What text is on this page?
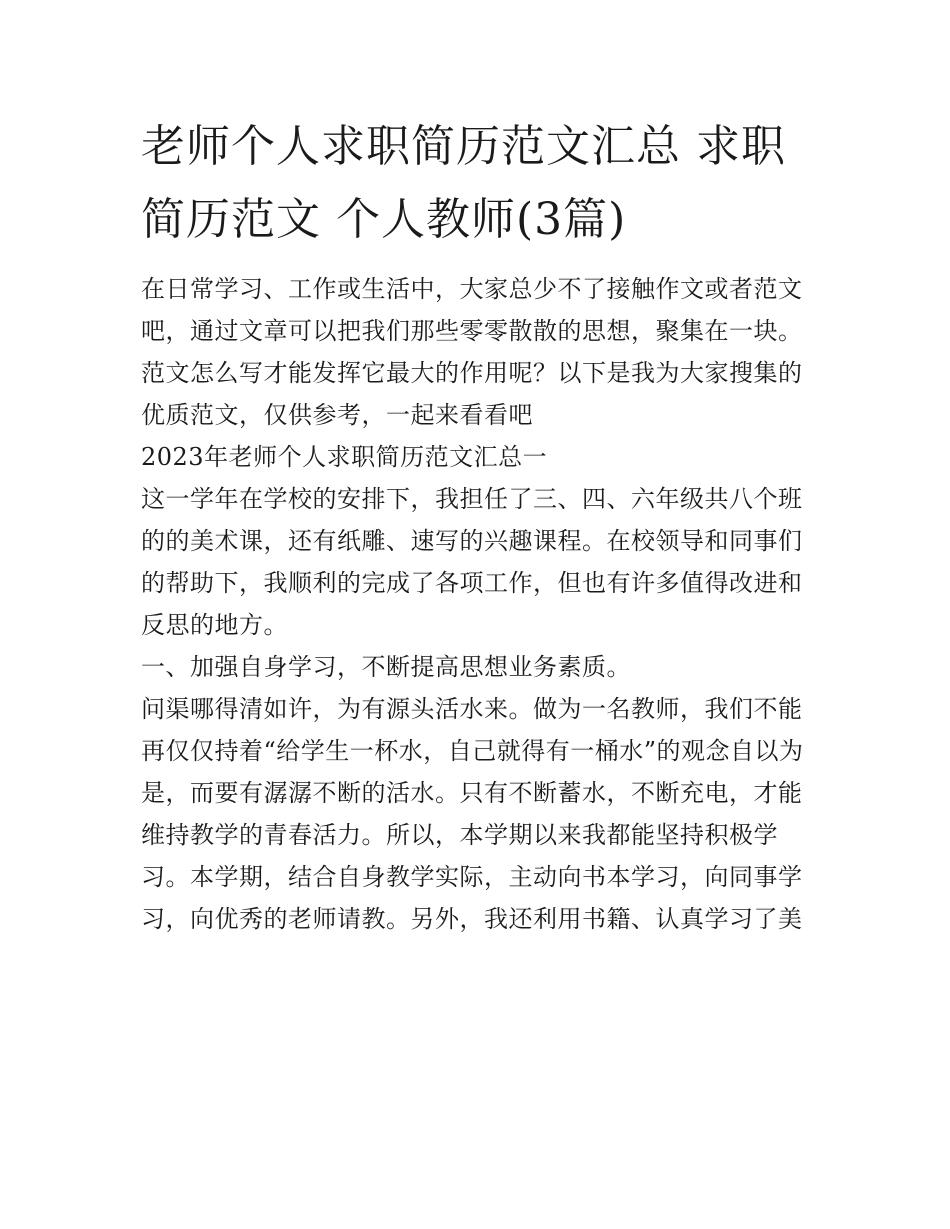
老师个人求职简历范文汇总 求职简历范文 个人教师(3篇)

在日常学习、工作或生活中，大家总少不了接触作文或者范文吧，通过文章可以把我们那些零零散散的思想，聚集在一块。范文怎么写才能发挥它最大的作用呢？以下是我为大家搜集的优质范文，仅供参考，一起来看看吧

2023年老师个人求职简历范文汇总一

这一学年在学校的安排下，我担任了三、四、六年级共八个班的的美术课，还有纸雕、速写的兴趣课程。在校领导和同事们的帮助下，我顺利的完成了各项工作，但也有许多值得改进和反思的地方。

一、加强自身学习，不断提高思想业务素质。

问渠哪得清如许，为有源头活水来。做为一名教师，我们不能再仅仅持着“给学生一杯水，自己就得有一桶水”的观念自以为是，而要有潺潺不断的活水。只有不断蓄水，不断充电，才能维持教学的青春活力。所以，本学期以来我都能坚持积极学习。本学期，结合自身教学实际，主动向书本学习，向同事学习，向优秀的老师请教。另外，我还利用书籍、认真学习了美
